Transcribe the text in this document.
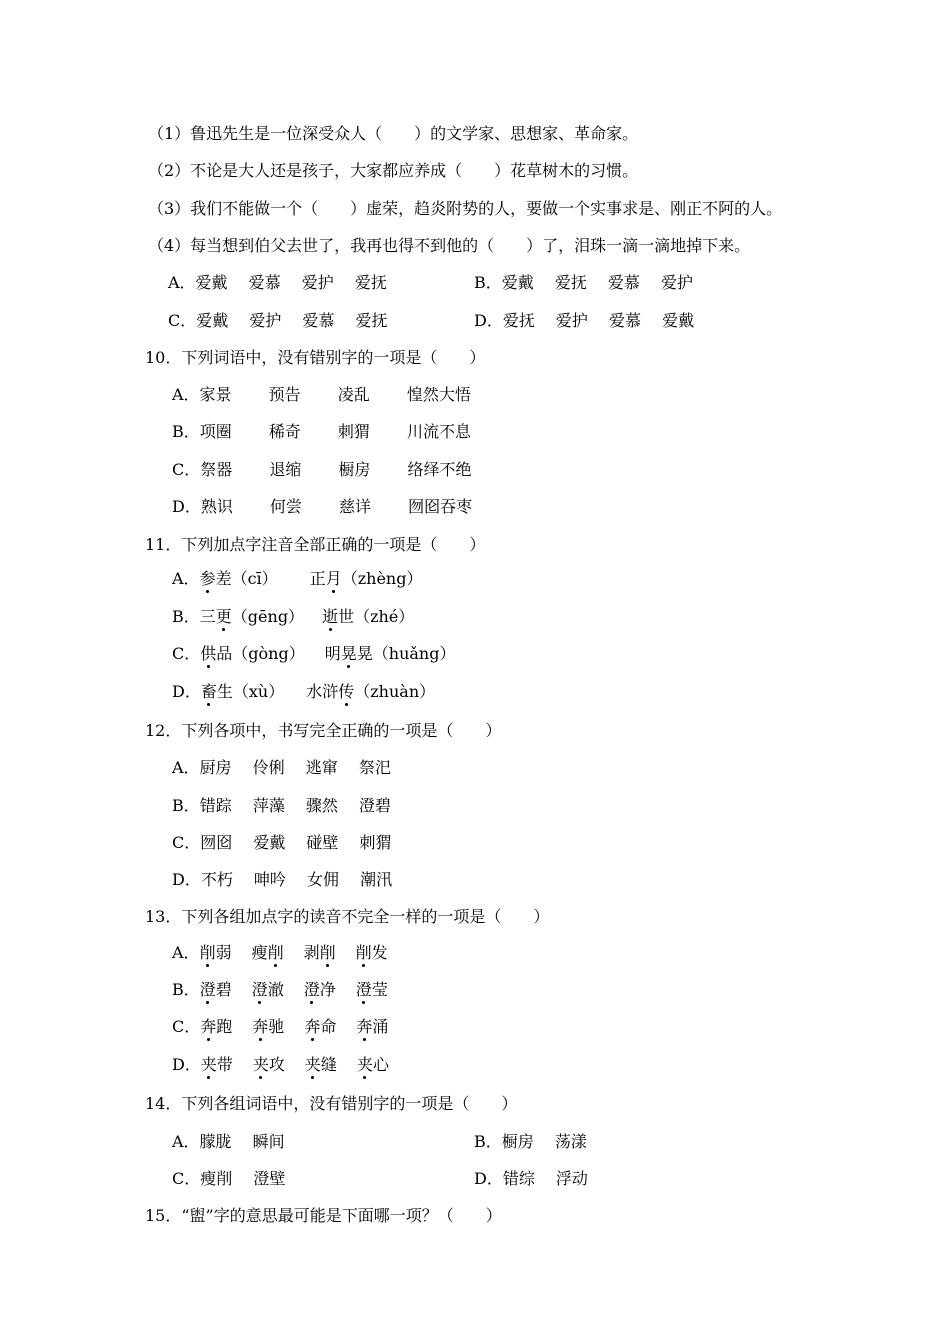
（1）鲁迅先生是一位深受众人（　　）的文学家、思想家、革命家。
（2）不论是大人还是孩子，大家都应养成（　　）花草树木的习惯。
（3）我们不能做一个（　　）虚荣，趋炎附势的人，要做一个实事求是、刚正不阿的人。
（4）每当想到伯父去世了，我再也得不到他的（　　）了，泪珠一滴一滴地掉下来。
A．爱戴　 爱慕　 爱护　 爱抚	B．爱戴　 爱抚　 爱慕　 爱护
C．爱戴　 爱护　 爱慕　 爱抚	D．爱抚　 爱护　 爱慕　 爱戴
10．下列词语中，没有错别字的一项是（　　）
A．家景　　 预告　　 凌乱　　 惶然大悟
B．项圈　　 稀奇　　 刺猬　　 川流不息
C．祭器　　 退缩　　 橱房　　 络绎不绝
D．熟识　　 何尝　　 慈详　　 囫囵吞枣
11．下列加点字注音全部正确的一项是（　　）
A．参差（cī） 正月（zhèng）
B．三更（gēng） 逝世（zhé）
C．供品（gòng） 明晃晃（huǎng）
D．畜生（xù） 水浒传（zhuàn）
12．下列各项中，书写完全正确的一项是（　　）
A．厨房　 伶俐　 逃窜　 祭汜
B．错踪　 萍藻　 骤然　 澄碧
C．囫囵　 爱戴　 碰壁　 刺猬
D．不朽　 呻吟　 女佣　 潮汛
13．下列各组加点字的读音不完全一样的一项是（　　）
A．削弱 瘦削 剥削 削发
B．澄碧 澄澈 澄净 澄莹
C．奔跑 奔驰 奔命 奔涌
D．夹带 夹攻 夹缝 夹心
14．下列各组词语中，没有错别字的一项是（　　）
A．朦胧　 瞬间	B．橱房　 荡漾
C．瘦削　 澄壁	D．错综　 浮动
15．“盥”字的意思最可能是下面哪一项？（　　）
